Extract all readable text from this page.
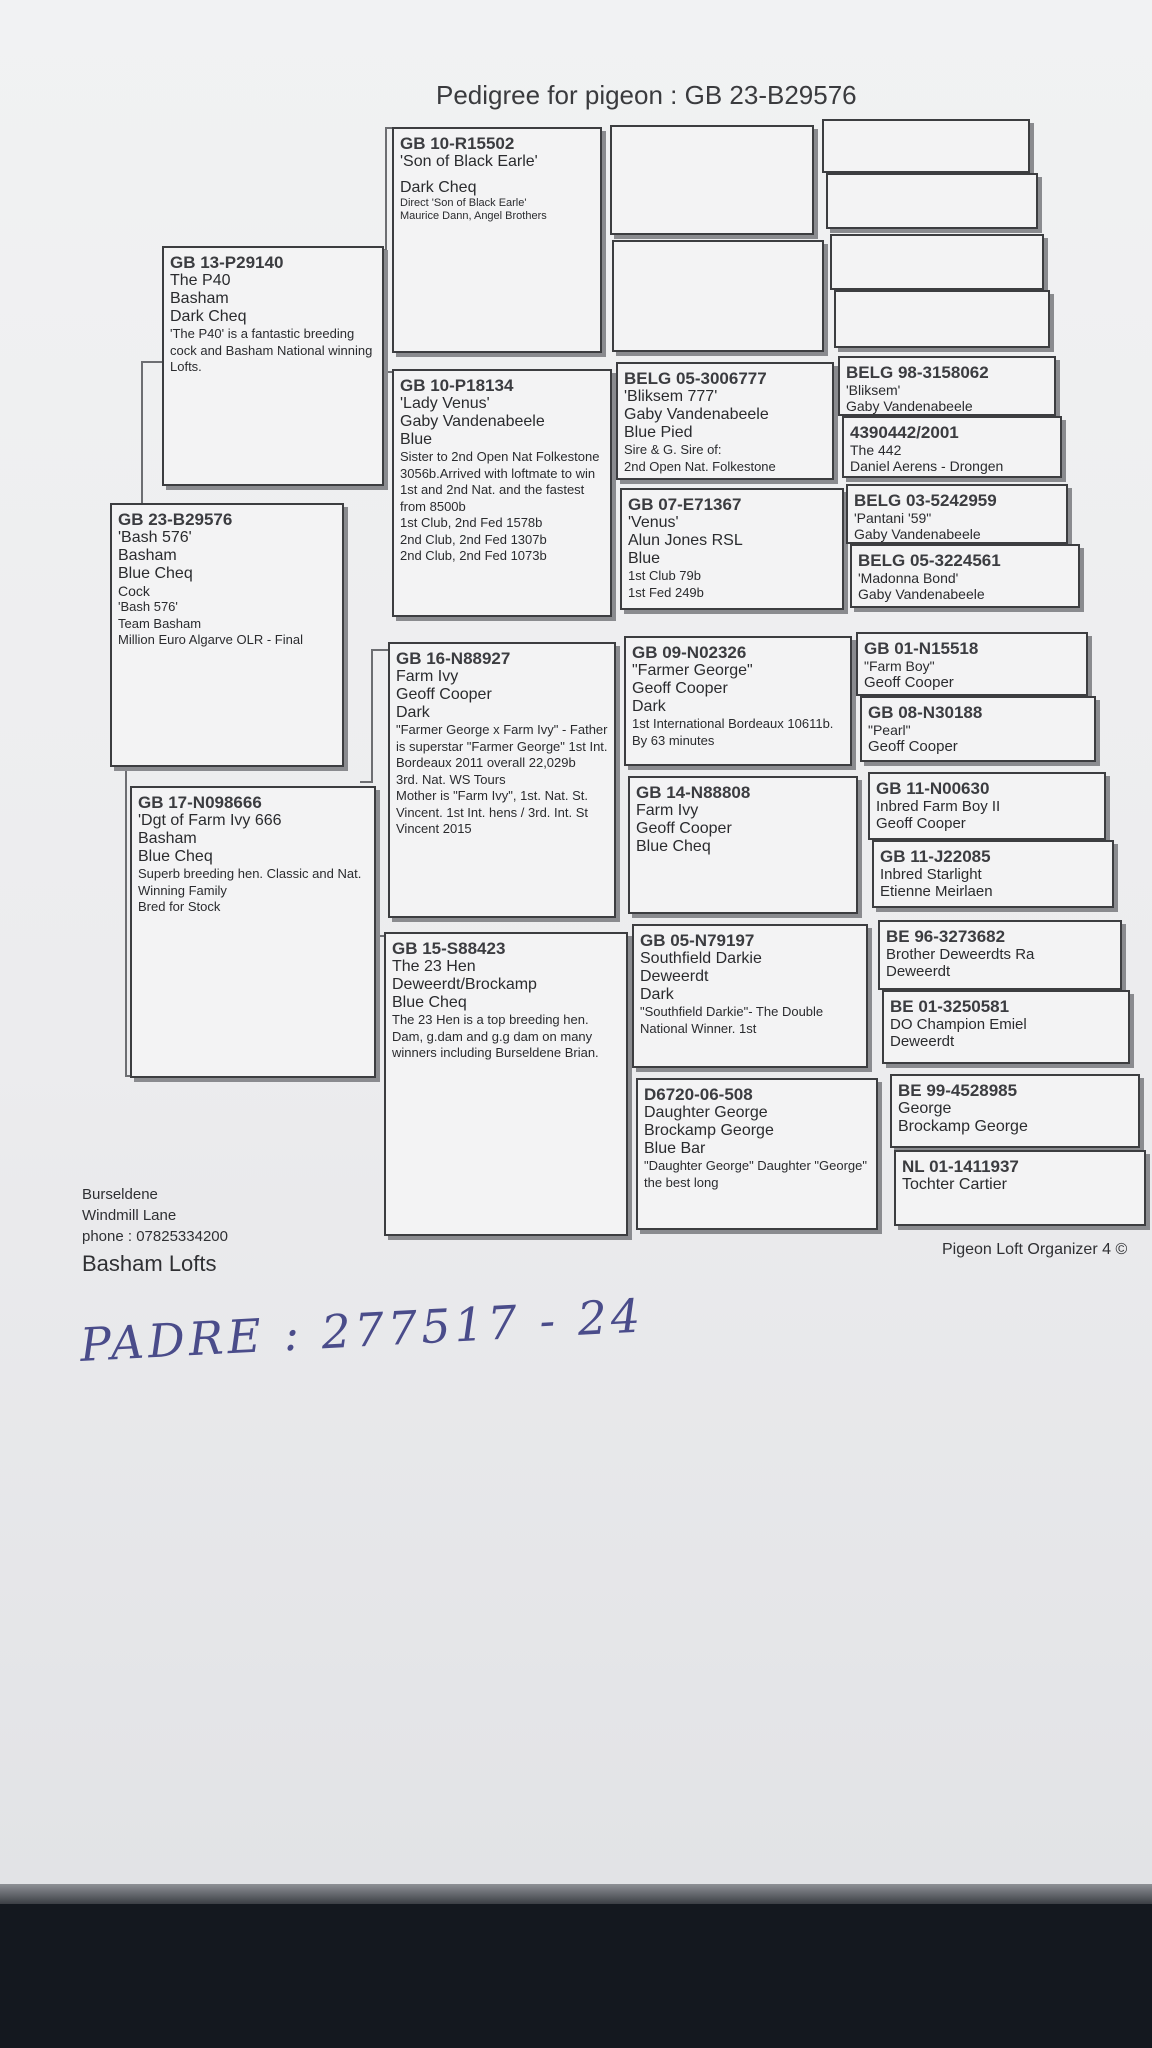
Pedigree for pigeon : GB 23-B29576
GB 23-B29576
'Bash 576'
Basham
Blue Cheq
Cock
'Bash 576'
Team Basham
Million Euro Algarve OLR - Final
GB 13-P29140
The P40
Basham
Dark Cheq
'The P40' is a fantastic breeding cock and Basham National winning Lofts.
GB 17-N098666
'Dgt of Farm Ivy 666
Basham
Blue Cheq
Superb breeding hen. Classic and Nat. Winning Family
Bred for Stock
GB 10-R15502
'Son of Black Earle'
Dark Cheq
Direct 'Son of Black Earle'
Maurice Dann, Angel Brothers
GB 10-P18134
'Lady Venus'
Gaby Vandenabeele
Blue
Sister to 2nd Open Nat Folkestone 3056b.Arrived with loftmate to win 1st and 2nd Nat. and the fastest from 8500b
1st Club, 2nd Fed 1578b
2nd Club, 2nd Fed 1307b
2nd Club, 2nd Fed 1073b
GB 16-N88927
Farm Ivy
Geoff Cooper
Dark
"Farmer George x Farm Ivy" - Father is superstar "Farmer George" 1st Int. Bordeaux 2011 overall 22,029b
3rd. Nat. WS Tours
Mother is "Farm Ivy", 1st. Nat. St. Vincent. 1st Int. hens / 3rd. Int. St Vincent 2015
GB 15-S88423
The 23 Hen
Deweerdt/Brockamp
Blue Cheq
The 23 Hen is a top breeding hen. Dam, g.dam and g.g dam on many winners including Burseldene Brian.
BELG 05-3006777
'Bliksem 777'
Gaby Vandenabeele
Blue Pied
Sire & G. Sire of:
2nd Open Nat. Folkestone
GB 07-E71367
'Venus'
Alun Jones RSL
Blue
1st Club 79b
1st Fed 249b
GB 09-N02326
"Farmer George"
Geoff Cooper
Dark
1st International Bordeaux 10611b. By 63 minutes
GB 14-N88808
Farm Ivy
Geoff Cooper
Blue Cheq
GB 05-N79197
Southfield Darkie
Deweerdt
Dark
"Southfield Darkie"- The Double National Winner. 1st
D6720-06-508
Daughter George
Brockamp George
Blue Bar
"Daughter George" Daughter "George" the best long
BELG 98-3158062
'Bliksem'
Gaby Vandenabeele
4390442/2001
The 442
Daniel Aerens - Drongen
BELG 03-5242959
'Pantani '59"
Gaby Vandenabeele
BELG 05-3224561
'Madonna Bond'
Gaby Vandenabeele
GB 01-N15518
"Farm Boy"
Geoff Cooper
GB 08-N30188
"Pearl"
Geoff Cooper
GB 11-N00630
Inbred Farm Boy II
Geoff Cooper
GB 11-J22085
Inbred Starlight
Etienne Meirlaen
BE 96-3273682
Brother Deweerdts Ra
Deweerdt
BE 01-3250581
DO Champion Emiel
Deweerdt
BE 99-4528985
George
Brockamp George
NL 01-1411937
Tochter Cartier
Burseldene
Windmill Lane
phone : 07825334200
Basham Lofts
Pigeon Loft Organizer 4 ©
PADRE : 277517 - 24
